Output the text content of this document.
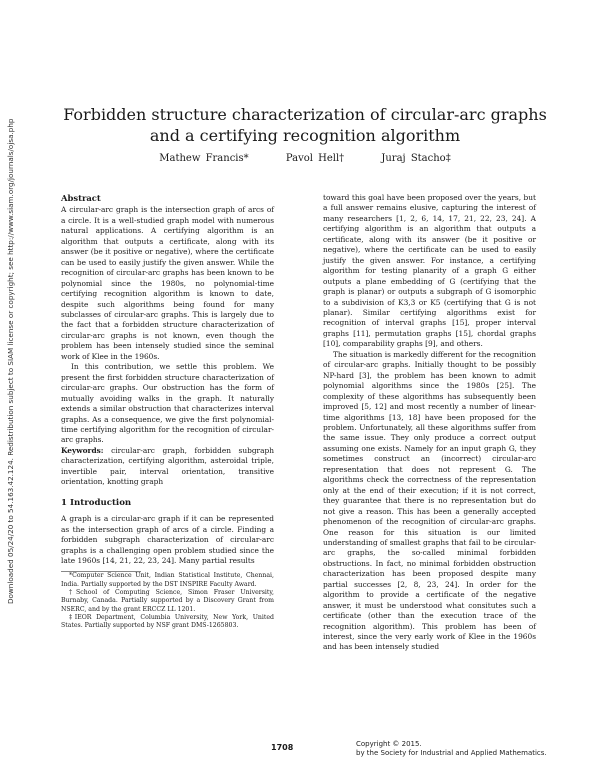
Downloaded 05/24/20 to 54.163.42.124. Redistribution subject to SIAM license or copyright; see http://www.siam.org/journals/ojsa.php
Forbidden structure characterization of circular-arc graphs
and a certifying recognition algorithm
Mathew Francis*	Pavol Hell†	Juraj Stacho‡
Abstract

A circular-arc graph is the intersection graph of arcs of a circle. It is a well-studied graph model with numerous natural applications. A certifying algorithm is an algorithm that outputs a certificate, along with its answer (be it positive or negative), where the certificate can be used to easily justify the given answer. While the recognition of circular-arc graphs has been known to be polynomial since the 1980s, no polynomial-time certifying recognition algorithm is known to date, despite such algorithms being found for many subclasses of circular-arc graphs. This is largely due to the fact that a forbidden structure characterization of circular-arc graphs is not known, even though the problem has been intensely studied since the seminal work of Klee in the 1960s.

In this contribution, we settle this problem. We present the first forbidden structure characterization of circular-arc graphs. Our obstruction has the form of mutually avoiding walks in the graph. It naturally extends a similar obstruction that characterizes interval graphs. As a consequence, we give the first polynomial-time certifying algorithm for the recognition of circular-arc graphs.

Keywords: circular-arc graph, forbidden subgraph characterization, certifying algorithm, asteroidal triple, invertible pair, interval orientation, transitive orientation, knotting graph

1 Introduction

A graph is a circular-arc graph if it can be represented as the intersection graph of arcs of a circle. Finding a forbidden subgraph characterization of circular-arc graphs is a challenging open problem studied since the late 1960s [14, 21, 22, 23, 24]. Many partial results

*Computer Science Unit, Indian Statistical Institute, Chennai, India. Partially supported by the DST INSPIRE Faculty Award.

†School of Computing Science, Simon Fraser University, Burnaby, Canada. Partially supported by a Discovery Grant from NSERC, and by the grant ERCCZ LL 1201.

‡IEOR Department, Columbia University, New York, United States. Partially supported by NSF grant DMS-1265803.

toward this goal have been proposed over the years, but a full answer remains elusive, capturing the interest of many researchers [1, 2, 6, 14, 17, 21, 22, 23, 24]. A certifying algorithm is an algorithm that outputs a certificate, along with its answer (be it positive or negative), where the certificate can be used to easily justify the given answer. For instance, a certifying algorithm for testing planarity of a graph G either outputs a plane embedding of G (certifying that the graph is planar) or outputs a subgraph of G isomorphic to a subdivision of K3,3 or K5 (certifying that G is not planar). Similar certifying algorithms exist for recognition of interval graphs [15], proper interval graphs [11], permutation graphs [15], chordal graphs [10], comparability graphs [9], and others.

The situation is markedly different for the recognition of circular-arc graphs. Initially thought to be possibly NP-hard [3], the problem has been known to admit polynomial algorithms since the 1980s [25]. The complexity of these algorithms has subsequently been improved [5, 12] and most recently a number of linear-time algorithms [13, 18] have been proposed for the problem. Unfortunately, all these algorithms suffer from the same issue. They only produce a correct output assuming one exists. Namely for an input graph G, they sometimes construct an (incorrect) circular-arc representation that does not represent G. The algorithms check the correctness of the representation only at the end of their execution; if it is not correct, they guarantee that there is no representation but do not give a reason. This has been a generally accepted phenomenon of the recognition of circular-arc graphs. One reason for this situation is our limited understanding of smallest graphs that fail to be circular-arc graphs, the so-called minimal forbidden obstructions. In fact, no minimal forbidden obstruction characterization has been proposed despite many partial successes [2, 8, 23, 24]. In order for the algorithm to provide a certificate of the negative answer, it must be understood what consitutes such a certificate (other than the execution trace of the recognition algorithm). This problem has been of interest, since the very early work of Klee in the 1960s and has been intensely studied

1708	Copyright © 2015.
by the Society for Industrial and Applied Mathematics.
